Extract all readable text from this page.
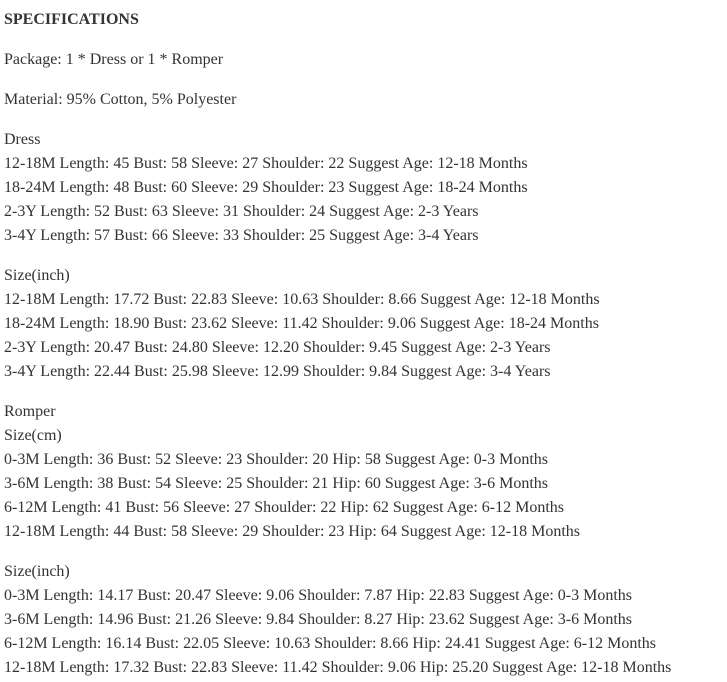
SPECIFICATIONS

Package: 1 * Dress or 1 * Romper

Material: 95% Cotton, 5% Polyester

Dress
12-18M Length: 45 Bust: 58 Sleeve: 27 Shoulder: 22 Suggest Age: 12-18 Months
18-24M Length: 48 Bust: 60 Sleeve: 29 Shoulder: 23 Suggest Age: 18-24 Months
2-3Y Length: 52 Bust: 63 Sleeve: 31 Shoulder: 24 Suggest Age: 2-3 Years
3-4Y Length: 57 Bust: 66 Sleeve: 33 Shoulder: 25 Suggest Age: 3-4 Years
Size(inch)
12-18M Length: 17.72 Bust: 22.83 Sleeve: 10.63 Shoulder: 8.66 Suggest Age: 12-18 Months
18-24M Length: 18.90 Bust: 23.62 Sleeve: 11.42 Shoulder: 9.06 Suggest Age: 18-24 Months
2-3Y Length: 20.47 Bust: 24.80 Sleeve: 12.20 Shoulder: 9.45 Suggest Age: 2-3 Years
3-4Y Length: 22.44 Bust: 25.98 Sleeve: 12.99 Shoulder: 9.84 Suggest Age: 3-4 Years
Romper
Size(cm)
0-3M Length: 36 Bust: 52 Sleeve: 23 Shoulder: 20 Hip: 58 Suggest Age: 0-3 Months
3-6M Length: 38 Bust: 54 Sleeve: 25 Shoulder: 21 Hip: 60 Suggest Age: 3-6 Months
6-12M Length: 41 Bust: 56 Sleeve: 27 Shoulder: 22 Hip: 62 Suggest Age: 6-12 Months
12-18M Length: 44 Bust: 58 Sleeve: 29 Shoulder: 23 Hip: 64 Suggest Age: 12-18 Months
Size(inch)
0-3M Length: 14.17 Bust: 20.47 Sleeve: 9.06 Shoulder: 7.87 Hip: 22.83 Suggest Age: 0-3 Months
3-6M Length: 14.96 Bust: 21.26 Sleeve: 9.84 Shoulder: 8.27 Hip: 23.62 Suggest Age: 3-6 Months
6-12M Length: 16.14 Bust: 22.05 Sleeve: 10.63 Shoulder: 8.66 Hip: 24.41 Suggest Age: 6-12 Months
12-18M Length: 17.32 Bust: 22.83 Sleeve: 11.42 Shoulder: 9.06 Hip: 25.20 Suggest Age: 12-18 Months
